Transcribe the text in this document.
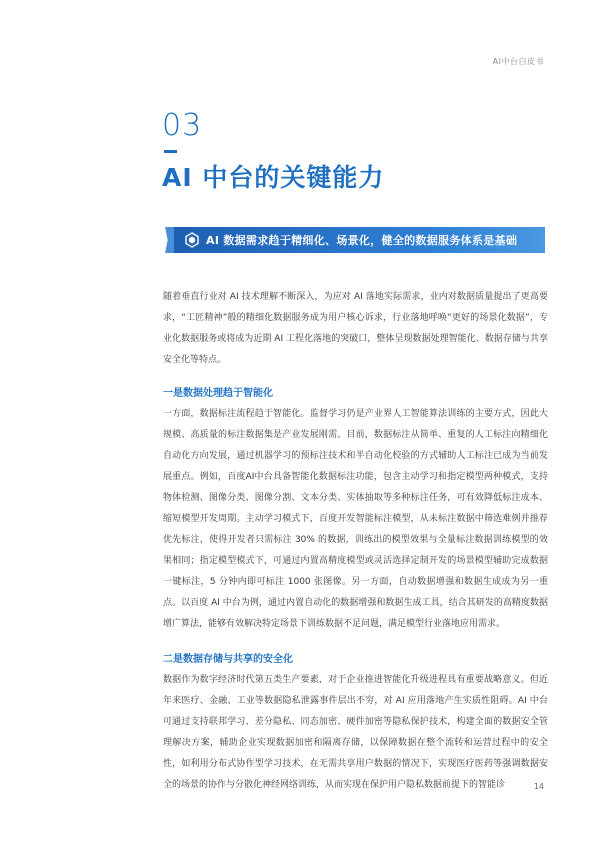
AI中台白皮书
03
AI 中台的关键能力
AI 数据需求趋于精细化、场景化，健全的数据服务体系是基础

随着垂直行业对 AI 技术理解不断深入，为应对 AI 落地实际需求，业内对数据质量提出了更高要求，“工匠精神”般的精细化数据服务成为用户核心诉求，行业落地呼唤“更好的场景化数据”，专业化数据服务或将成为近期 AI 工程化落地的突破口，整体呈现数据处理智能化、数据存储与共享安全化等特点。

一是数据处理趋于智能化

一方面，数据标注流程趋于智能化。监督学习仍是产业界人工智能算法训练的主要方式，因此大规模、高质量的标注数据集是产业发展刚需。目前，数据标注从简单、重复的人工标注向精细化自动化方向发展，通过机器学习的预标注技术和半自动化校验的方式辅助人工标注已成为当前发展重点。例如，百度AI中台具备智能化数据标注功能，包含主动学习和指定模型两种模式，支持物体检测、图像分类、图像分割、文本分类、实体抽取等多种标注任务，可有效降低标注成本、缩短模型开发周期。主动学习模式下，百度开发智能标注模型，从未标注数据中筛选难例并推荐优先标注，使得开发者只需标注 30% 的数据，训练出的模型效果与全量标注数据训练模型的效果相同；指定模型模式下，可通过内置高精度模型或灵活选择定制开发的场景模型辅助完成数据一键标注，5 分钟内即可标注 1000 张图像。另一方面，自动数据增强和数据生成成为另一重点。以百度 AI 中台为例，通过内置自动化的数据增强和数据生成工具，结合其研发的高精度数据增广算法，能够有效解决特定场景下训练数据不足问题，满足模型行业落地应用需求。

二是数据存储与共享的安全化

数据作为数字经济时代第五类生产要素，对于企业推进智能化升级进程具有重要战略意义。但近年来医疗、金融、工业等数据隐私泄露事件层出不穷，对 AI 应用落地产生实质性阻碍。AI 中台可通过支持联邦学习、差分隐私、同态加密、硬件加密等隐私保护技术，构建全面的数据安全管理解决方案，辅助企业实现数据加密和隔离存储，以保障数据在整个流转和运营过程中的安全性，如利用分布式协作型学习技术，在无需共享用户数据的情况下，实现医疗医药等强调数据安全的场景的协作与分散化神经网络训练，从而实现在保护用户隐私数据前提下的智能诊	14
